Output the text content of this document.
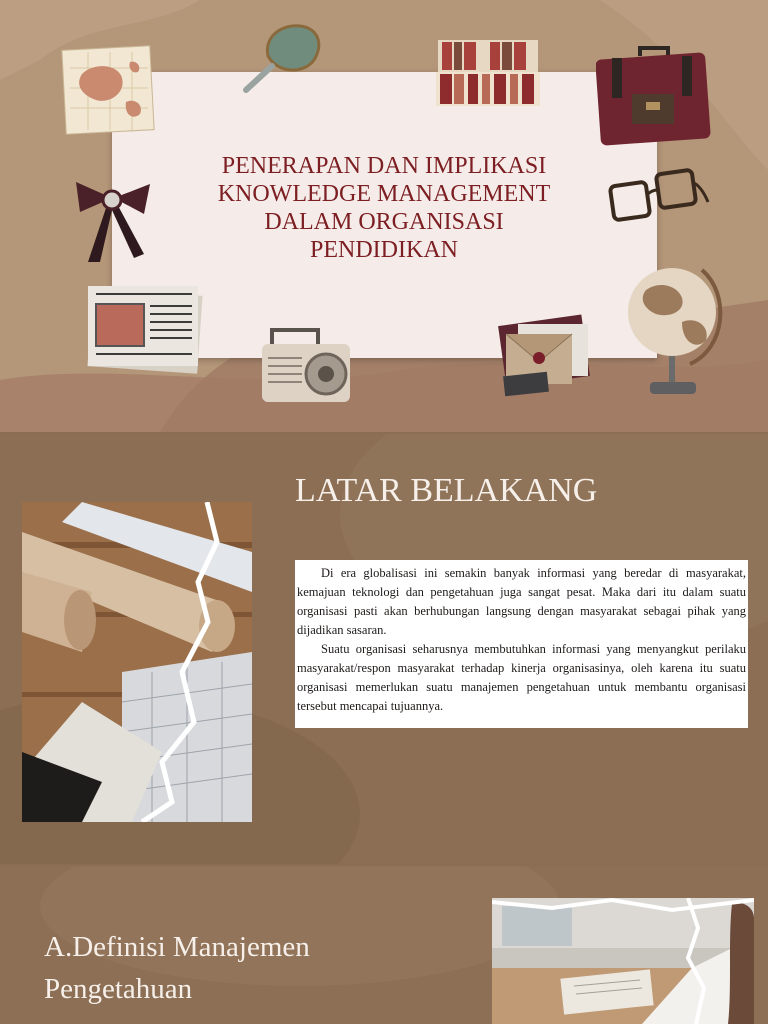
PENERAPAN DAN IMPLIKASI
KNOWLEDGE MANAGEMENT
DALAM ORGANISASI
PENDIDIKAN
BY: KELOMPOK 1
LATAR BELAKANG

Di era globalisasi ini semakin banyak informasi yang beredar di masyarakat, kemajuan teknologi dan pengetahuan juga sangat pesat. Maka dari itu dalam suatu organisasi pasti akan berhubungan langsung dengan masyarakat sebagai pihak yang dijadikan sasaran.

Suatu organisasi seharusnya membutuhkan informasi yang menyangkut perilaku masyarakat/respon masyarakat terhadap kinerja organisasinya, oleh karena itu suatu organisasi memerlukan suatu manajemen pengetahuan untuk membantu organisasi tersebut mencapai tujuannya.

A.Definisi Manajemen
Pengetahuan
